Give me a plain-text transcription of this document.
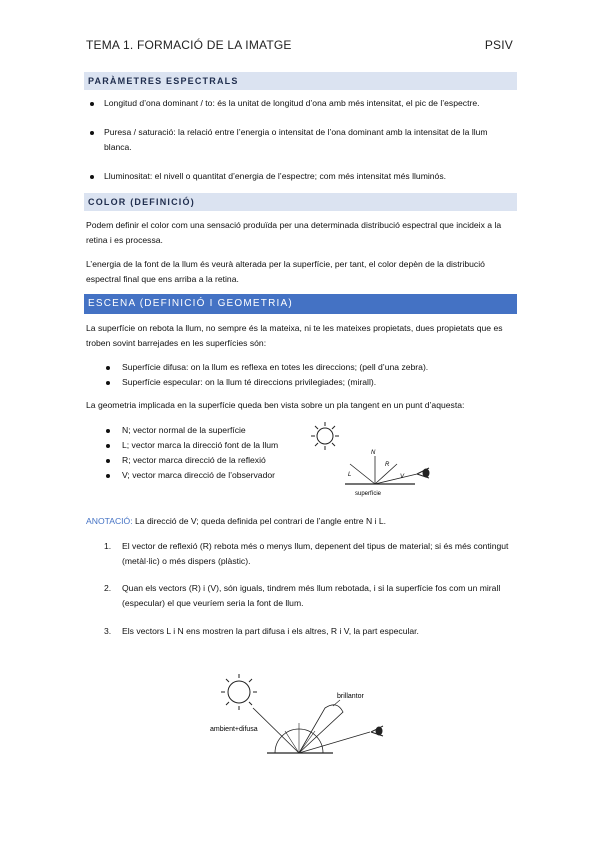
TEMA 1. FORMACIÓ DE LA IMATGE	PSIV
PARÀMETRES ESPECTRALS
Longitud d’ona dominant / to: és la unitat de longitud d’ona amb més intensitat, el pic de l’espectre.
Puresa / saturació: la relació entre l’energia o intensitat de l’ona dominant amb la intensitat de la llum blanca.
Lluminositat: el nivell o quantitat d’energia de l’espectre; com més intensitat més lluminós.
COLOR (DEFINICIÓ)
Podem definir el color com una sensació produïda per una determinada distribució espectral que incideix a la retina i es processa.
L’energia de la font de la llum és veurà alterada per la superfície, per tant, el color depèn de la distribució espectral final que ens arriba a la retina.
ESCENA (DEFINICIÓ I GEOMETRIA)
La superfície on rebota la llum, no sempre és la mateixa, ni te les mateixes propietats, dues propietats que es troben sovint barrejades en les superfícies són:
Superfície difusa: on la llum es reflexa en totes les direccions; (pell d’una zebra).
Superfície especular: on la llum té direccions privilegiades; (mirall).
La geometria implicada en la superfície queda ben vista sobre un pla tangent en un punt d’aquesta:
N; vector normal de la superfície
L; vector marca la direcció font de la llum
R; vector marca direcció de la reflexió
V; vector marca direcció de l’observador	L
N
R
V
superfície
ANOTACIÓ: La direcció de V; queda definida pel contrari de l’angle entre N i L.
1. El vector de reflexió (R) rebota més o menys llum, depenent del tipus de material; si és més contingut (metàl·lic) o més dispers (plàstic).
2. Quan els vectors (R) i (V), són iguals, tindrem més llum rebotada, i si la superfície fos com un mirall (especular) el que veuríem seria la font de llum.
3. Els vectors L i N ens mostren la part difusa i els altres, R i V, la part especular.
brillantor
ambient+difusa
